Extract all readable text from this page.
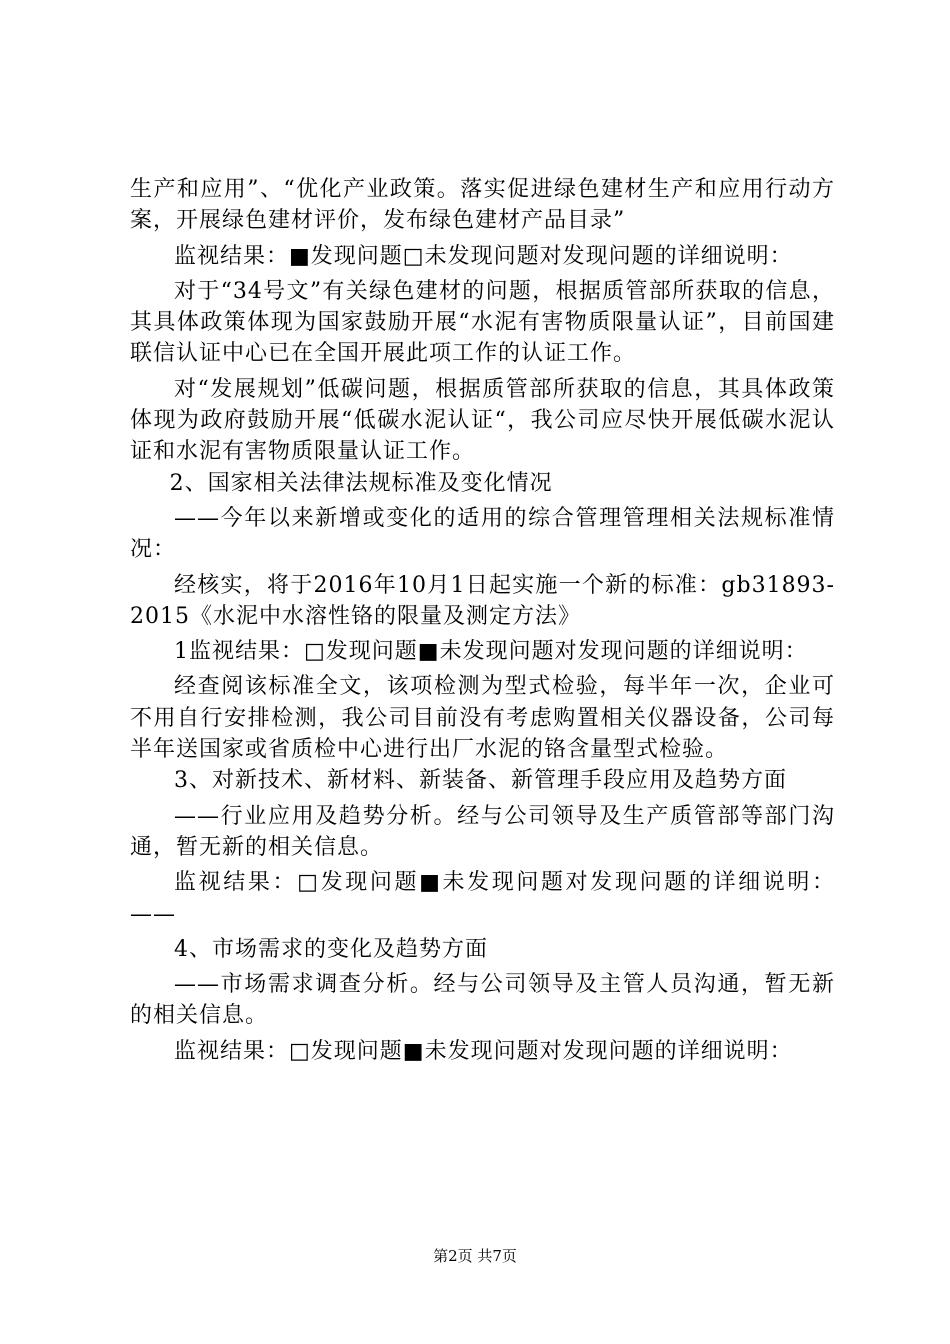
生产和应用”、“优化产业政策。落实促进绿色建材生产和应用行动方案，开展绿色建材评价，发布绿色建材产品目录”

监视结果：■发现问题□未发现问题对发现问题的详细说明：

对于“34号文”有关绿色建材的问题，根据质管部所获取的信息，其具体政策体现为国家鼓励开展“水泥有害物质限量认证”，目前国建联信认证中心已在全国开展此项工作的认证工作。

对“发展规划”低碳问题，根据质管部所获取的信息，其具体政策体现为政府鼓励开展“低碳水泥认证“，我公司应尽快开展低碳水泥认证和水泥有害物质限量认证工作。

2、国家相关法律法规标准及变化情况

——今年以来新增或变化的适用的综合管理管理相关法规标准情况：

经核实，将于2016年10月1日起实施一个新的标准：gb31893-2015《水泥中水溶性铬的限量及测定方法》

1监视结果：□发现问题■未发现问题对发现问题的详细说明：

经查阅该标准全文，该项检测为型式检验，每半年一次，企业可不用自行安排检测，我公司目前没有考虑购置相关仪器设备，公司每半年送国家或省质检中心进行出厂水泥的铬含量型式检验。

3、对新技术、新材料、新装备、新管理手段应用及趋势方面

——行业应用及趋势分析。经与公司领导及生产质管部等部门沟通，暂无新的相关信息。

监视结果：□发现问题■未发现问题对发现问题的详细说明：——

4、市场需求的变化及趋势方面

——市场需求调查分析。经与公司领导及主管人员沟通，暂无新的相关信息。

监视结果：□发现问题■未发现问题对发现问题的详细说明：

第2页 共7页
